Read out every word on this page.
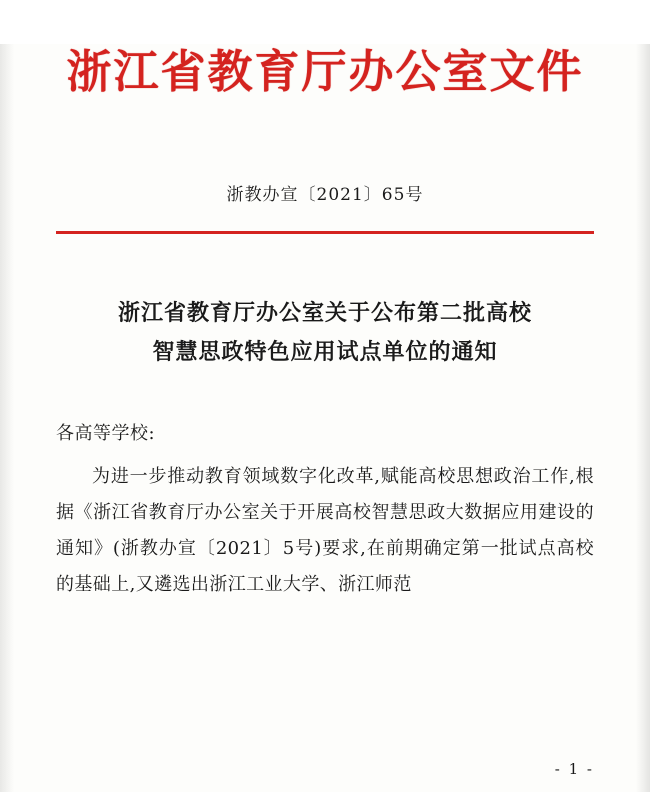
浙江省教育厅办公室文件
浙教办宣〔2021〕65号
浙江省教育厅办公室关于公布第二批高校
智慧思政特色应用试点单位的通知
各高等学校:

为进一步推动教育领域数字化改革,赋能高校思想政治工作,根据《浙江省教育厅办公室关于开展高校智慧思政大数据应用建设的通知》(浙教办宣〔2021〕5号)要求,在前期确定第一批试点高校的基础上,又遴选出浙江工业大学、浙江师范

- 1 -
